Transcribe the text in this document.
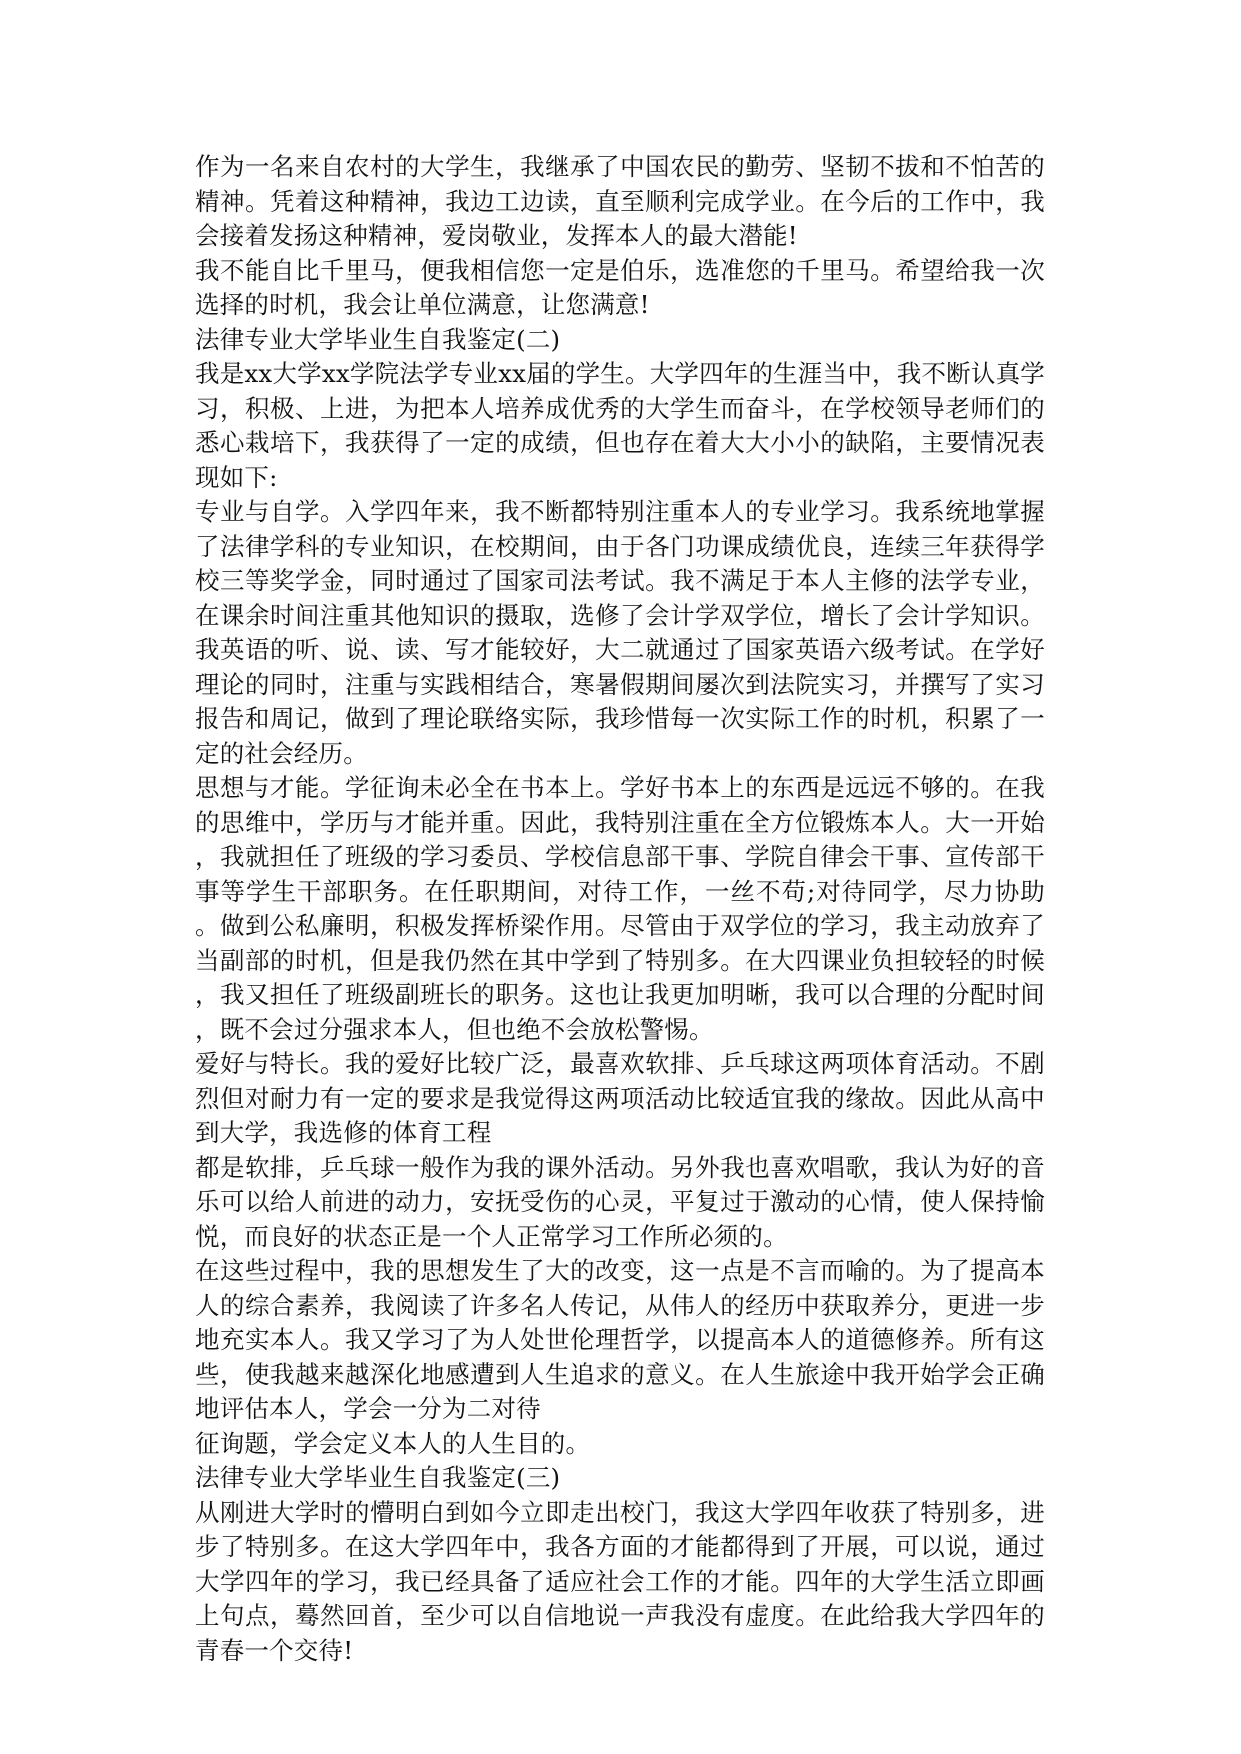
作为一名来自农村的大学生，我继承了中国农民的勤劳、坚韧不拔和不怕苦的
精神。凭着这种精神，我边工边读，直至顺利完成学业。在今后的工作中，我
会接着发扬这种精神，爱岗敬业，发挥本人的最大潜能!
我不能自比千里马，便我相信您一定是伯乐，选准您的千里马。希望给我一次
选择的时机，我会让单位满意，让您满意!
法律专业大学毕业生自我鉴定(二)
我是xx大学xx学院法学专业xx届的学生。大学四年的生涯当中，我不断认真学
习，积极、上进，为把本人培养成优秀的大学生而奋斗，在学校领导老师们的
悉心栽培下，我获得了一定的成绩，但也存在着大大小小的缺陷，主要情况表
现如下:
专业与自学。入学四年来，我不断都特别注重本人的专业学习。我系统地掌握
了法律学科的专业知识，在校期间，由于各门功课成绩优良，连续三年获得学
校三等奖学金，同时通过了国家司法考试。我不满足于本人主修的法学专业，
在课余时间注重其他知识的摄取，选修了会计学双学位，增长了会计学知识。
我英语的听、说、读、写才能较好，大二就通过了国家英语六级考试。在学好
理论的同时，注重与实践相结合，寒暑假期间屡次到法院实习，并撰写了实习
报告和周记，做到了理论联络实际，我珍惜每一次实际工作的时机，积累了一
定的社会经历。
思想与才能。学征询未必全在书本上。学好书本上的东西是远远不够的。在我
的思维中，学历与才能并重。因此，我特别注重在全方位锻炼本人。大一开始
，我就担任了班级的学习委员、学校信息部干事、学院自律会干事、宣传部干
事等学生干部职务。在任职期间，对待工作，一丝不苟;对待同学，尽力协助
。做到公私廉明，积极发挥桥梁作用。尽管由于双学位的学习，我主动放弃了
当副部的时机，但是我仍然在其中学到了特别多。在大四课业负担较轻的时候
，我又担任了班级副班长的职务。这也让我更加明晰，我可以合理的分配时间
，既不会过分强求本人，但也绝不会放松警惕。
爱好与特长。我的爱好比较广泛，最喜欢软排、乒乓球这两项体育活动。不剧
烈但对耐力有一定的要求是我觉得这两项活动比较适宜我的缘故。因此从高中
到大学，我选修的体育工程
都是软排，乒乓球一般作为我的课外活动。另外我也喜欢唱歌，我认为好的音
乐可以给人前进的动力，安抚受伤的心灵，平复过于激动的心情，使人保持愉
悦，而良好的状态正是一个人正常学习工作所必须的。
在这些过程中，我的思想发生了大的改变，这一点是不言而喻的。为了提高本
人的综合素养，我阅读了许多名人传记，从伟人的经历中获取养分，更进一步
地充实本人。我又学习了为人处世伦理哲学，以提高本人的道德修养。所有这
些，使我越来越深化地感遭到人生追求的意义。在人生旅途中我开始学会正确
地评估本人，学会一分为二对待
征询题，学会定义本人的人生目的。
法律专业大学毕业生自我鉴定(三)
从刚进大学时的懵明白到如今立即走出校门，我这大学四年收获了特别多，进
步了特别多。在这大学四年中，我各方面的才能都得到了开展，可以说，通过
大学四年的学习，我已经具备了适应社会工作的才能。四年的大学生活立即画
上句点，蓦然回首，至少可以自信地说一声我没有虚度。在此给我大学四年的
青春一个交待!
